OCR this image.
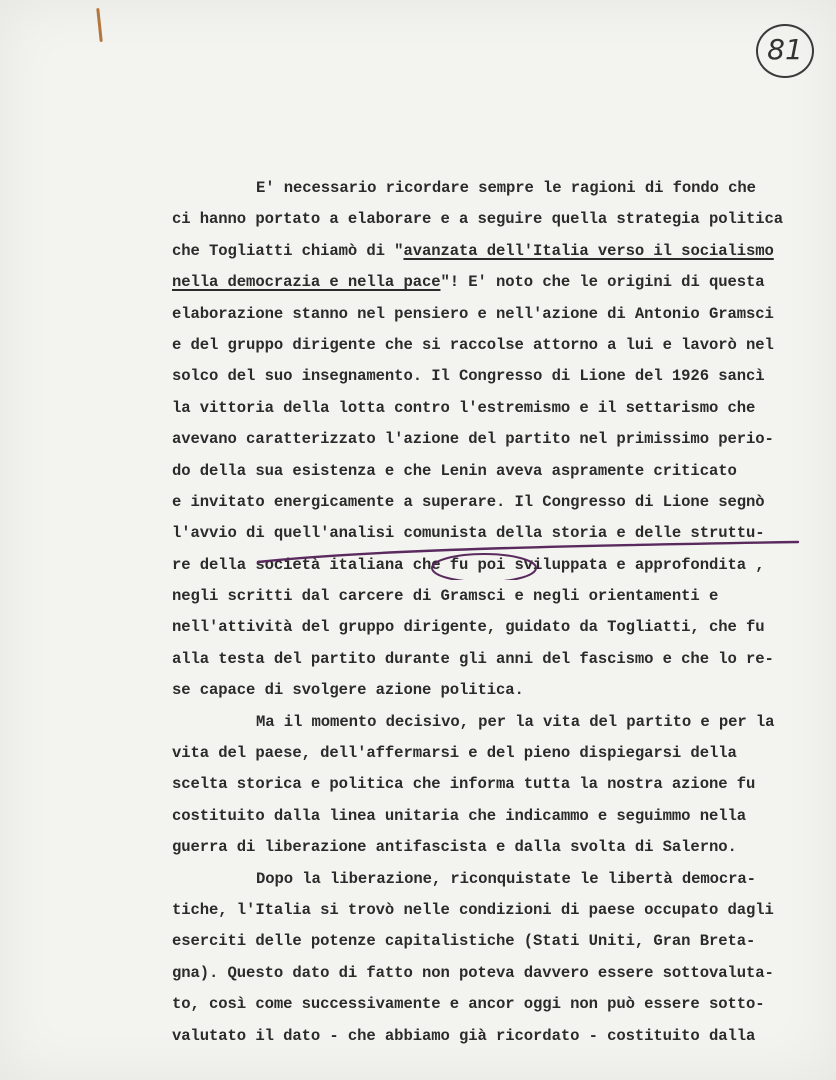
81
E' necessario ricordare sempre le ragioni di fondo che
ci hanno portato a elaborare e a seguire quella strategia politica
che Togliatti chiamò di "avanzata dell'Italia verso il socialismo
nella democrazia e nella pace"! E' noto che le origini di questa
elaborazione stanno nel pensiero e nell'azione di Antonio Gramsci
e del gruppo dirigente che si raccolse attorno a lui e lavorò nel
solco del suo insegnamento. Il Congresso di Lione del 1926 sancì
la vittoria della lotta contro l'estremismo e il settarismo che
avevano caratterizzato l'azione del partito nel primissimo perio-
do della sua esistenza e che Lenin aveva aspramente criticato
e invitato energicamente a superare. Il Congresso di Lione segnò
l'avvio di quell'analisi comunista della storia e delle struttu-
re della società italiana che fu poi sviluppata e approfondita ,
negli scritti dal carcere di Gramsci e negli orientamenti e
nell'attività del gruppo dirigente, guidato da Togliatti, che fu
alla testa del partito durante gli anni del fascismo e che lo re-
se capace di svolgere azione politica.
Ma il momento decisivo, per la vita del partito e per la
vita del paese, dell'affermarsi e del pieno dispiegarsi della
scelta storica e politica che informa tutta la nostra azione fu
costituito dalla linea unitaria che indicammo e seguimmo nella
guerra di liberazione antifascista e dalla svolta di Salerno.
Dopo la liberazione, riconquistate le libertà democra-
tiche, l'Italia si trovò nelle condizioni di paese occupato dagli
eserciti delle potenze capitalistiche (Stati Uniti, Gran Breta-
gna). Questo dato di fatto non poteva davvero essere sottovaluta-
to, così come successivamente e ancor oggi non può essere sotto-
valutato il dato - che abbiamo già ricordato - costituito dalla
